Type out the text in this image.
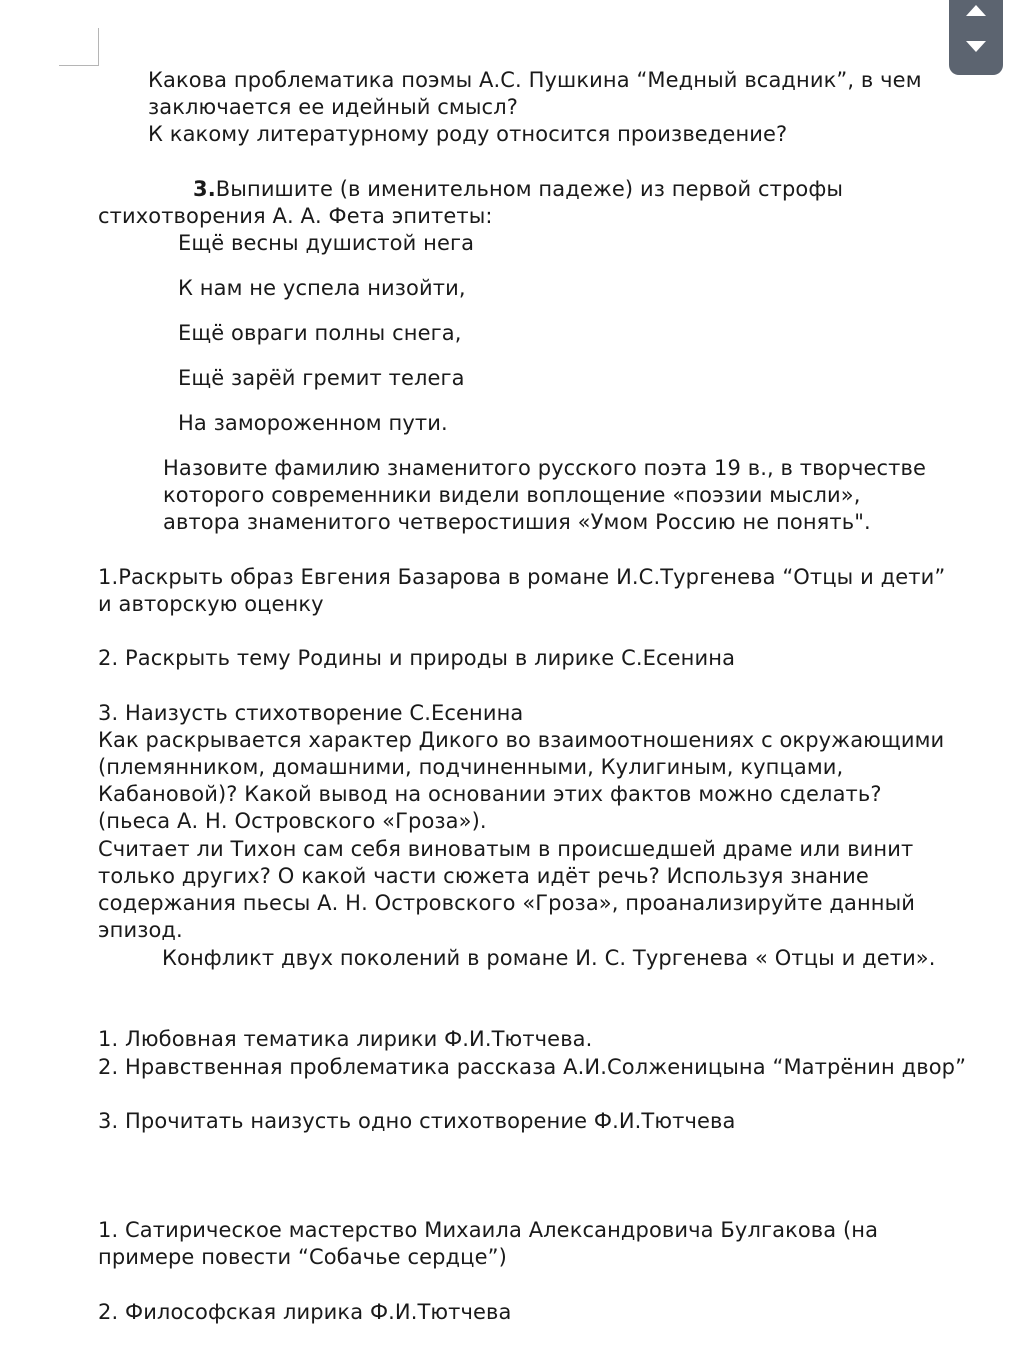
Какова проблематика поэмы А.С. Пушкина “Медный всадник”, в чем
заключается ее идейный смысл?
К какому литературному роду относится произведение?
3.Выпишите (в именительном падеже) из первой строфы
стихотворения А. А. Фета эпитеты:
Ещё весны душистой нега
К нам не успела низойти,
Ещё овраги полны снега,
Ещё зарёй гремит телега
На замороженном пути.
Назовите фамилию знаменитого русского поэта 19 в., в творчестве
которого современники видели воплощение «поэзии мысли»,
автора знаменитого четверостишия «Умом Россию не понять".
1.Раскрыть образ Евгения Базарова в романе И.С.Тургенева “Отцы и дети”
и авторскую оценку
2. Раскрыть тему Родины и природы в лирике С.Есенина
3. Наизусть стихотворение С.Есенина
Как раскрывается характер Дикого во взаимоотношениях с окружающими
(племянником, домашними, подчиненными, Кулигиным, купцами,
Кабановой)? Какой вывод на основании этих фактов можно сделать?
(пьеса А. Н. Островского «Гроза»).
Считает ли Тихон сам себя виноватым в происшедшей драме или винит
только других? О какой части сюжета идёт речь? Используя знание
содержания пьесы А. Н. Островского «Гроза», проанализируйте данный
эпизод.
Конфликт двух поколений в романе И. С. Тургенева « Отцы и дети».
1. Любовная тематика лирики Ф.И.Тютчева.
2. Нравственная проблематика рассказа А.И.Солженицына “Матрёнин двор”
3. Прочитать наизусть одно стихотворение Ф.И.Тютчева
1. Сатирическое мастерство Михаила Александровича Булгакова (на
примере повести “Собачье сердце”)
2. Философская лирика Ф.И.Тютчева
